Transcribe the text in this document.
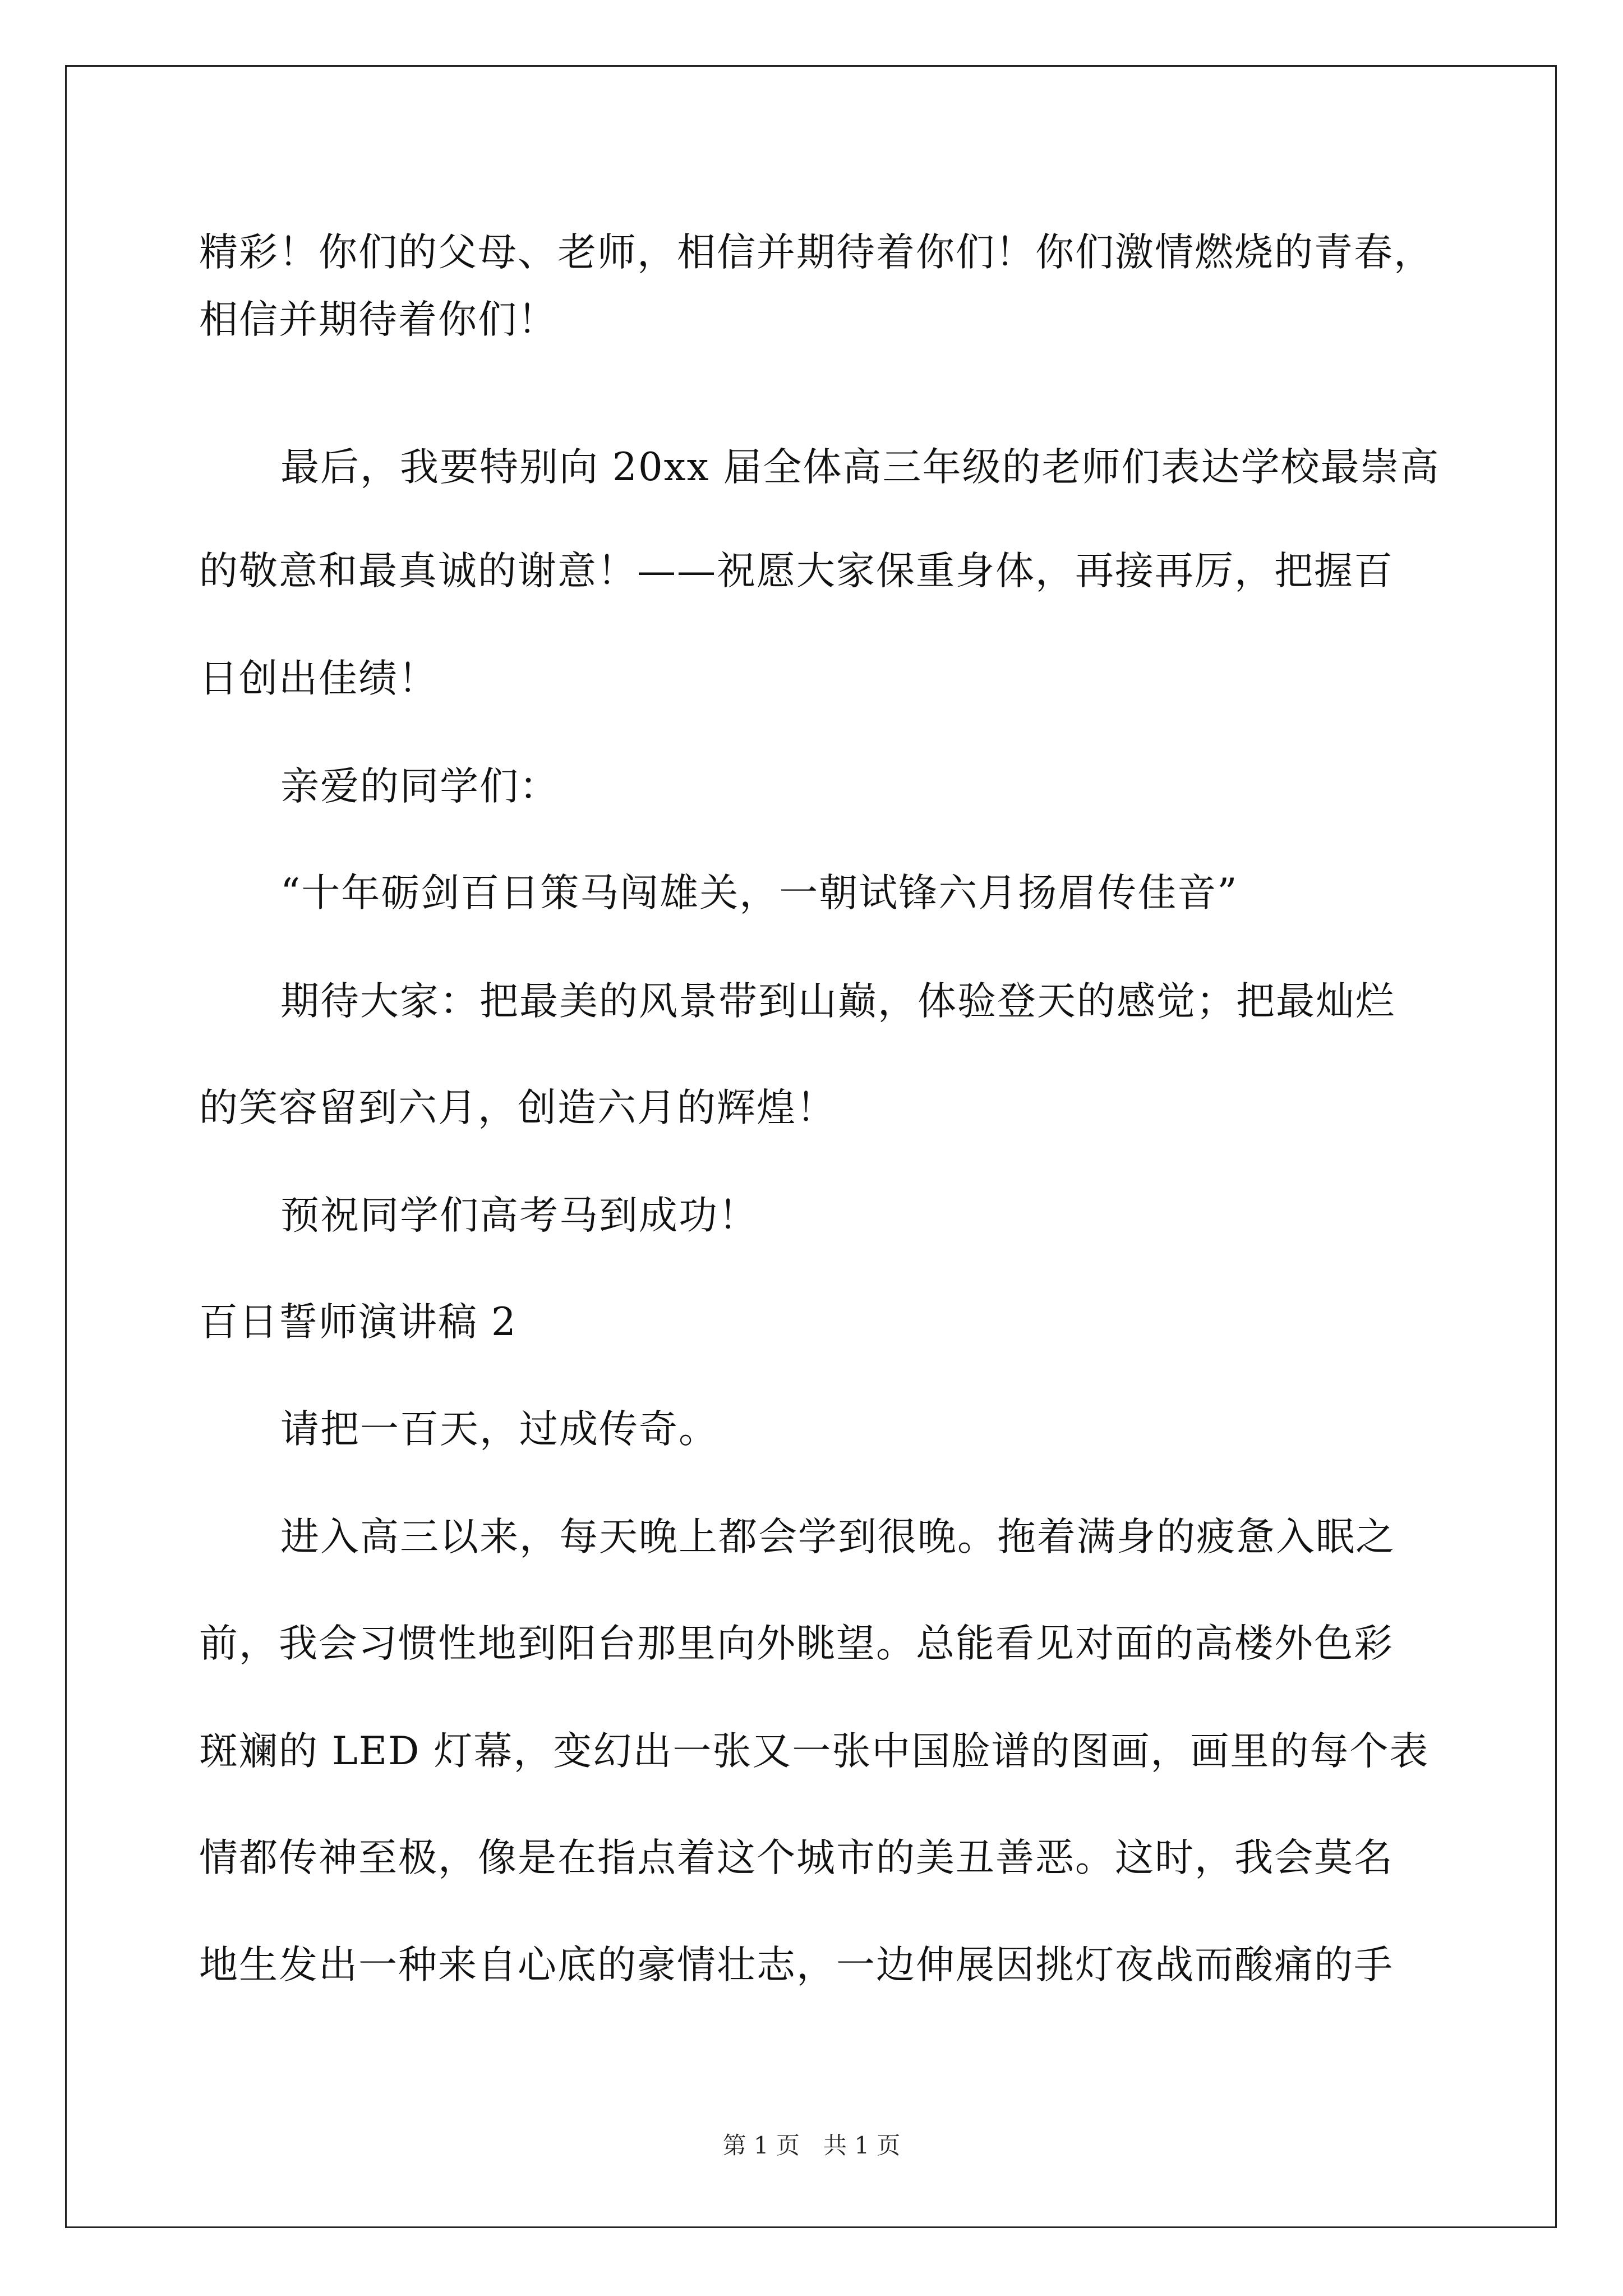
精彩！你们的父母、老师，相信并期待着你们！你们激情燃烧的青春，
相信并期待着你们！
最后，我要特别向 20xx 届全体高三年级的老师们表达学校最崇高
的敬意和最真诚的谢意！——祝愿大家保重身体，再接再厉，把握百
日创出佳绩！
亲爱的同学们：
“十年砺剑百日策马闯雄关，一朝试锋六月扬眉传佳音”
期待大家：把最美的风景带到山巅，体验登天的感觉；把最灿烂
的笑容留到六月，创造六月的辉煌！
预祝同学们高考马到成功！
百日誓师演讲稿 2
请把一百天，过成传奇。
进入高三以来，每天晚上都会学到很晚。拖着满身的疲惫入眠之
前，我会习惯性地到阳台那里向外眺望。总能看见对面的高楼外色彩
斑斓的 LED 灯幕，变幻出一张又一张中国脸谱的图画，画里的每个表
情都传神至极，像是在指点着这个城市的美丑善恶。这时，我会莫名
地生发出一种来自心底的豪情壮志，一边伸展因挑灯夜战而酸痛的手
第 1 页　共 1 页
